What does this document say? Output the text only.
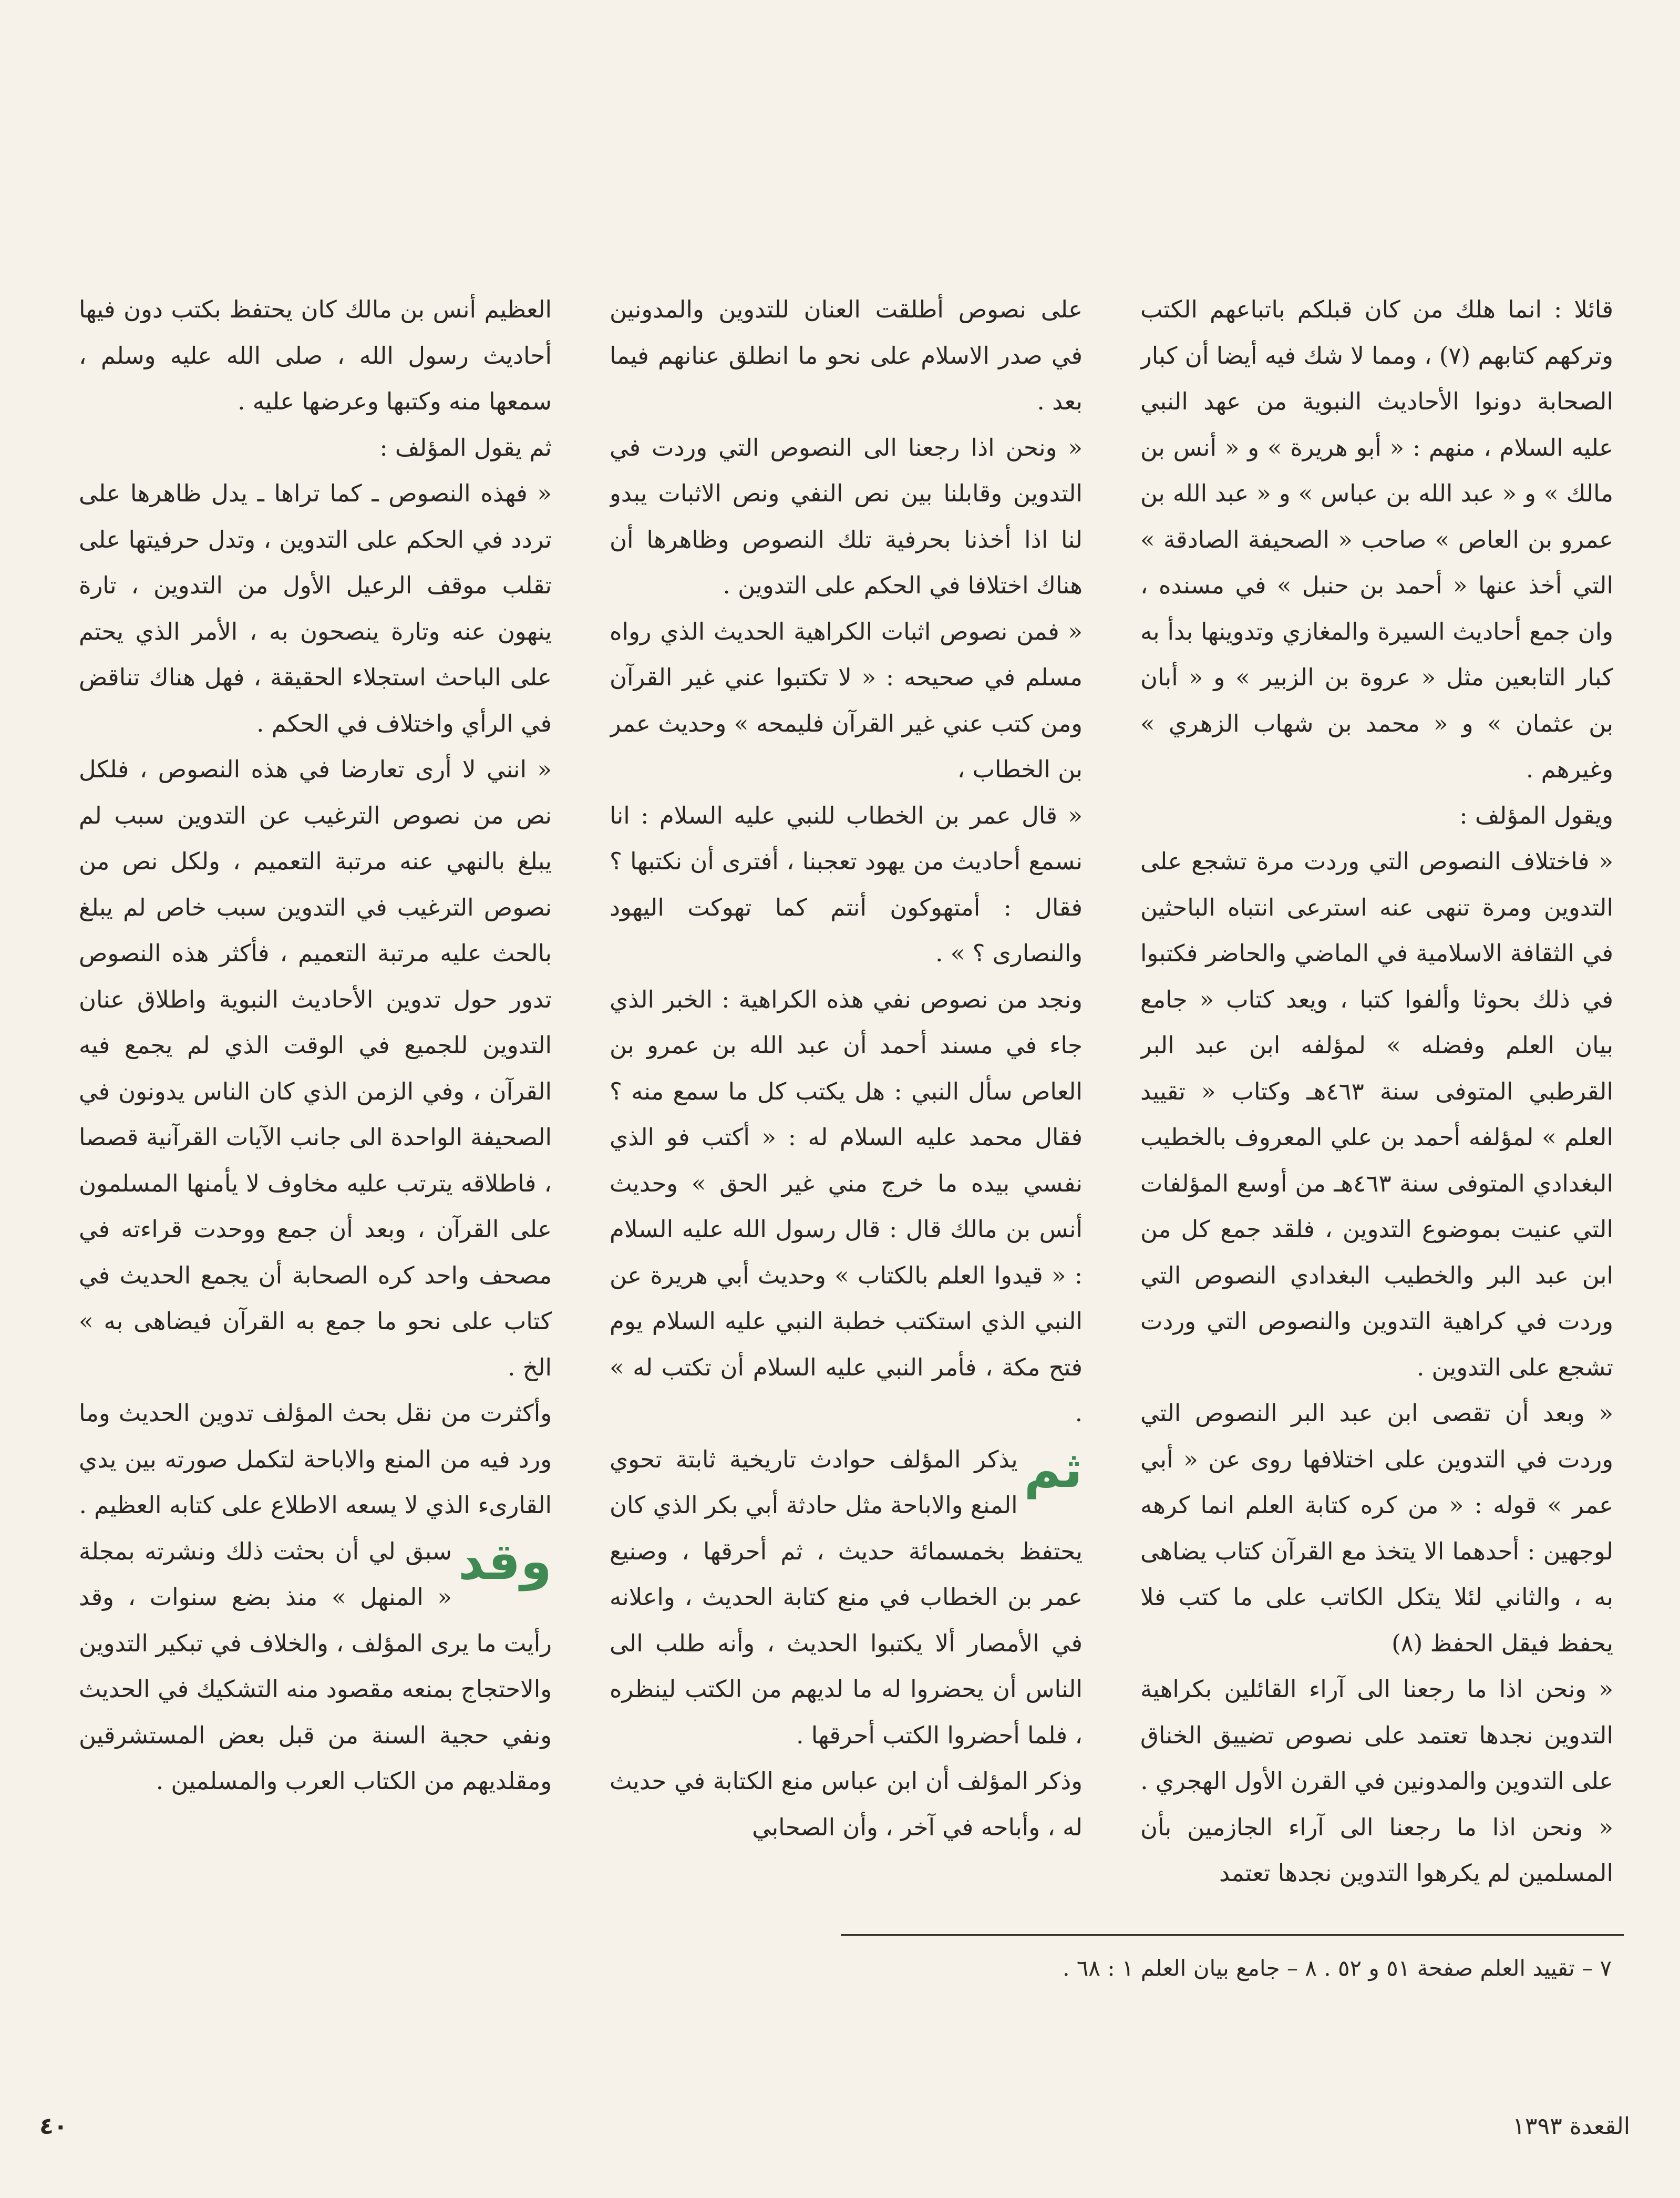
قائلا : انما هلك من كان قبلكم باتباعهم الكتب وتركهم كتابهم (٧) ، ومما لا شك فيه أيضا أن كبار الصحابة دونوا الأحاديث النبوية من عهد النبي عليه السلام ، منهم : « أبو هريرة » و « أنس بن مالك » و « عبد الله بن عباس » و « عبد الله بن عمرو بن العاص » صاحب « الصحيفة الصادقة » التي أخذ عنها « أحمد بن حنبل » في مسنده ، وان جمع أحاديث السيرة والمغازي وتدوينها بدأ به كبار التابعين مثل « عروة بن الزبير » و « أبان بن عثمان » و « محمد بن شهاب الزهري » وغيرهم .

ويقول المؤلف :

« فاختلاف النصوص التي وردت مرة تشجع على التدوين ومرة تنهى عنه استرعى انتباه الباحثين في الثقافة الاسلامية في الماضي والحاضر فكتبوا في ذلك بحوثا وألفوا كتبا ، ويعد كتاب « جامع بيان العلم وفضله » لمؤلفه ابن عبد البر القرطبي المتوفى سنة ٤٦٣هـ وكتاب « تقييد العلم » لمؤلفه أحمد بن علي المعروف بالخطيب البغدادي المتوفى سنة ٤٦٣هـ من أوسع المؤلفات التي عنيت بموضوع التدوين ، فلقد جمع كل من ابن عبد البر والخطيب البغدادي النصوص التي وردت في كراهية التدوين والنصوص التي وردت تشجع على التدوين .

« وبعد أن تقصى ابن عبد البر النصوص التي وردت في التدوين على اختلافها روى عن « أبي عمر » قوله : « من كره كتابة العلم انما كرهه لوجهين : أحدهما الا يتخذ مع القرآن كتاب يضاهى به ، والثاني لئلا يتكل الكاتب على ما كتب فلا يحفظ فيقل الحفظ (٨)

« ونحن اذا ما رجعنا الى آراء القائلين بكراهية التدوين نجدها تعتمد على نصوص تضييق الخناق على التدوين والمدونين في القرن الأول الهجري .

« ونحن اذا ما رجعنا الى آراء الجازمين بأن المسلمين لم يكرهوا التدوين نجدها تعتمد

على نصوص أطلقت العنان للتدوين والمدونين في صدر الاسلام على نحو ما انطلق عنانهم فيما بعد .

« ونحن اذا رجعنا الى النصوص التي وردت في التدوين وقابلنا بين نص النفي ونص الاثبات يبدو لنا اذا أخذنا بحرفية تلك النصوص وظاهرها أن هناك اختلافا في الحكم على التدوين .

« فمن نصوص اثبات الكراهية الحديث الذي رواه مسلم في صحيحه : « لا تكتبوا عني غير القرآن ومن كتب عني غير القرآن فليمحه » وحديث عمر بن الخطاب ،

« قال عمر بن الخطاب للنبي عليه السلام : انا نسمع أحاديث من يهود تعجبنا ، أفترى أن نكتبها ؟ فقال : أمتهوكون أنتم كما تهوكت اليهود والنصارى ؟ » .

ونجد من نصوص نفي هذه الكراهية : الخبر الذي جاء في مسند أحمد أن عبد الله بن عمرو بن العاص سأل النبي : هل يكتب كل ما سمع منه ؟ فقال محمد عليه السلام له : « أكتب فو الذي نفسي بيده ما خرج مني غير الحق » وحديث أنس بن مالك قال : قال رسول الله عليه السلام : « قيدوا العلم بالكتاب » وحديث أبي هريرة عن النبي الذي استكتب خطبة النبي عليه السلام يوم فتح مكة ، فأمر النبي عليه السلام أن تكتب له » .

ثم
يذكر المؤلف حوادث تاريخية ثابتة تحوي المنع والاباحة مثل حادثة أبي بكر الذي كان يحتفظ بخمسمائة حديث ، ثم أحرقها ، وصنيع عمر بن الخطاب في منع كتابة الحديث ، واعلانه في الأمصار ألا يكتبوا الحديث ، وأنه طلب الى الناس أن يحضروا له ما لديهم من الكتب لينظره ، فلما أحضروا الكتب أحرقها .

وذكر المؤلف أن ابن عباس منع الكتابة في حديث له ، وأباحه في آخر ، وأن الصحابي

العظيم أنس بن مالك كان يحتفظ بكتب دون فيها أحاديث رسول الله ، صلى الله عليه وسلم ، سمعها منه وكتبها وعرضها عليه .

ثم يقول المؤلف :

« فهذه النصوص ـ كما تراها ـ يدل ظاهرها على تردد في الحكم على التدوين ، وتدل حرفيتها على تقلب موقف الرعيل الأول من التدوين ، تارة ينهون عنه وتارة ينصحون به ، الأمر الذي يحتم على الباحث استجلاء الحقيقة ، فهل هناك تناقض في الرأي واختلاف في الحكم .

« انني لا أرى تعارضا في هذه النصوص ، فلكل نص من نصوص الترغيب عن التدوين سبب لم يبلغ بالنهي عنه مرتبة التعميم ، ولكل نص من نصوص الترغيب في التدوين سبب خاص لم يبلغ بالحث عليه مرتبة التعميم ، فأكثر هذه النصوص تدور حول تدوين الأحاديث النبوية واطلاق عنان التدوين للجميع في الوقت الذي لم يجمع فيه القرآن ، وفي الزمن الذي كان الناس يدونون في الصحيفة الواحدة الى جانب الآيات القرآنية قصصا ، فاطلاقه يترتب عليه مخاوف لا يأمنها المسلمون على القرآن ، وبعد أن جمع ووحدت قراءته في مصحف واحد كره الصحابة أن يجمع الحديث في كتاب على نحو ما جمع به القرآن فيضاهى به » الخ .

وأكثرت من نقل بحث المؤلف تدوين الحديث وما ورد فيه من المنع والاباحة لتكمل صورته بين يدي القارىء الذي لا يسعه الاطلاع على كتابه العظيم .

وقد
سبق لي أن بحثت ذلك ونشرته بمجلة « المنهل » منذ بضع سنوات ، وقد رأيت ما يرى المؤلف ، والخلاف في تبكير التدوين والاحتجاج بمنعه مقصود منه التشكيك في الحديث ونفي حجية السنة من قبل بعض المستشرقين ومقلديهم من الكتاب العرب والمسلمين .

٧ – تقييد العلم صفحة ٥١ و ٥٢ . ٨ – جامع بيان العلم ١ : ٦٨ .
٤٠	القعدة ١٣٩٣
